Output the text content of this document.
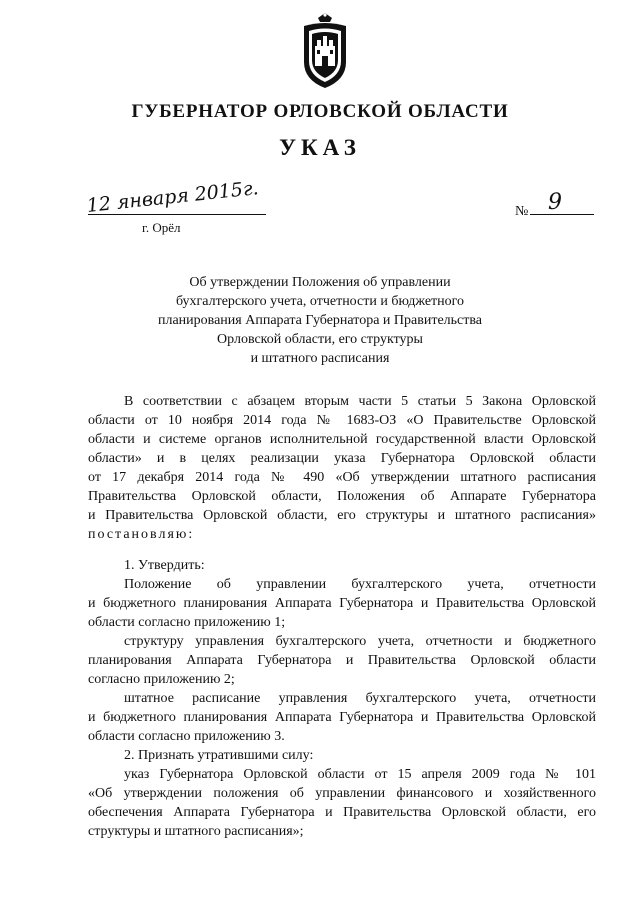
ГУБЕРНАТОР ОРЛОВСКОЙ ОБЛАСТИ
УКАЗ
12 января 2015г.
г. Орёл
№ 9
Об утверждении Положения об управлении
бухгалтерского учета, отчетности и бюджетного
планирования Аппарата Губернатора и Правительства
Орловской области, его структуры
и штатного расписания
В соответствии с абзацем вторым части 5 статьи 5 Закона Орловской
области от 10 ноября 2014 года № 1683-ОЗ «О Правительстве Орловской
области и системе органов исполнительной государственной власти Орловской
области» и в целях реализации указа Губернатора Орловской области
от 17 декабря 2014 года № 490 «Об утверждении штатного расписания
Правительства Орловской области, Положения об Аппарате Губернатора
и Правительства Орловской области, его структуры и штатного расписания»
постановляю:
1. Утвердить:
Положение об управлении бухгалтерского учета, отчетности
и бюджетного планирования Аппарата Губернатора и Правительства Орловской
области согласно приложению 1;
структуру управления бухгалтерского учета, отчетности и бюджетного
планирования Аппарата Губернатора и Правительства Орловской области
согласно приложению 2;
штатное расписание управления бухгалтерского учета, отчетности
и бюджетного планирования Аппарата Губернатора и Правительства Орловской
области согласно приложению 3.
2. Признать утратившими силу:
указ Губернатора Орловской области от 15 апреля 2009 года № 101
«Об утверждении положения об управлении финансового и хозяйственного
обеспечения Аппарата Губернатора и Правительства Орловской области, его
структуры и штатного расписания»;
